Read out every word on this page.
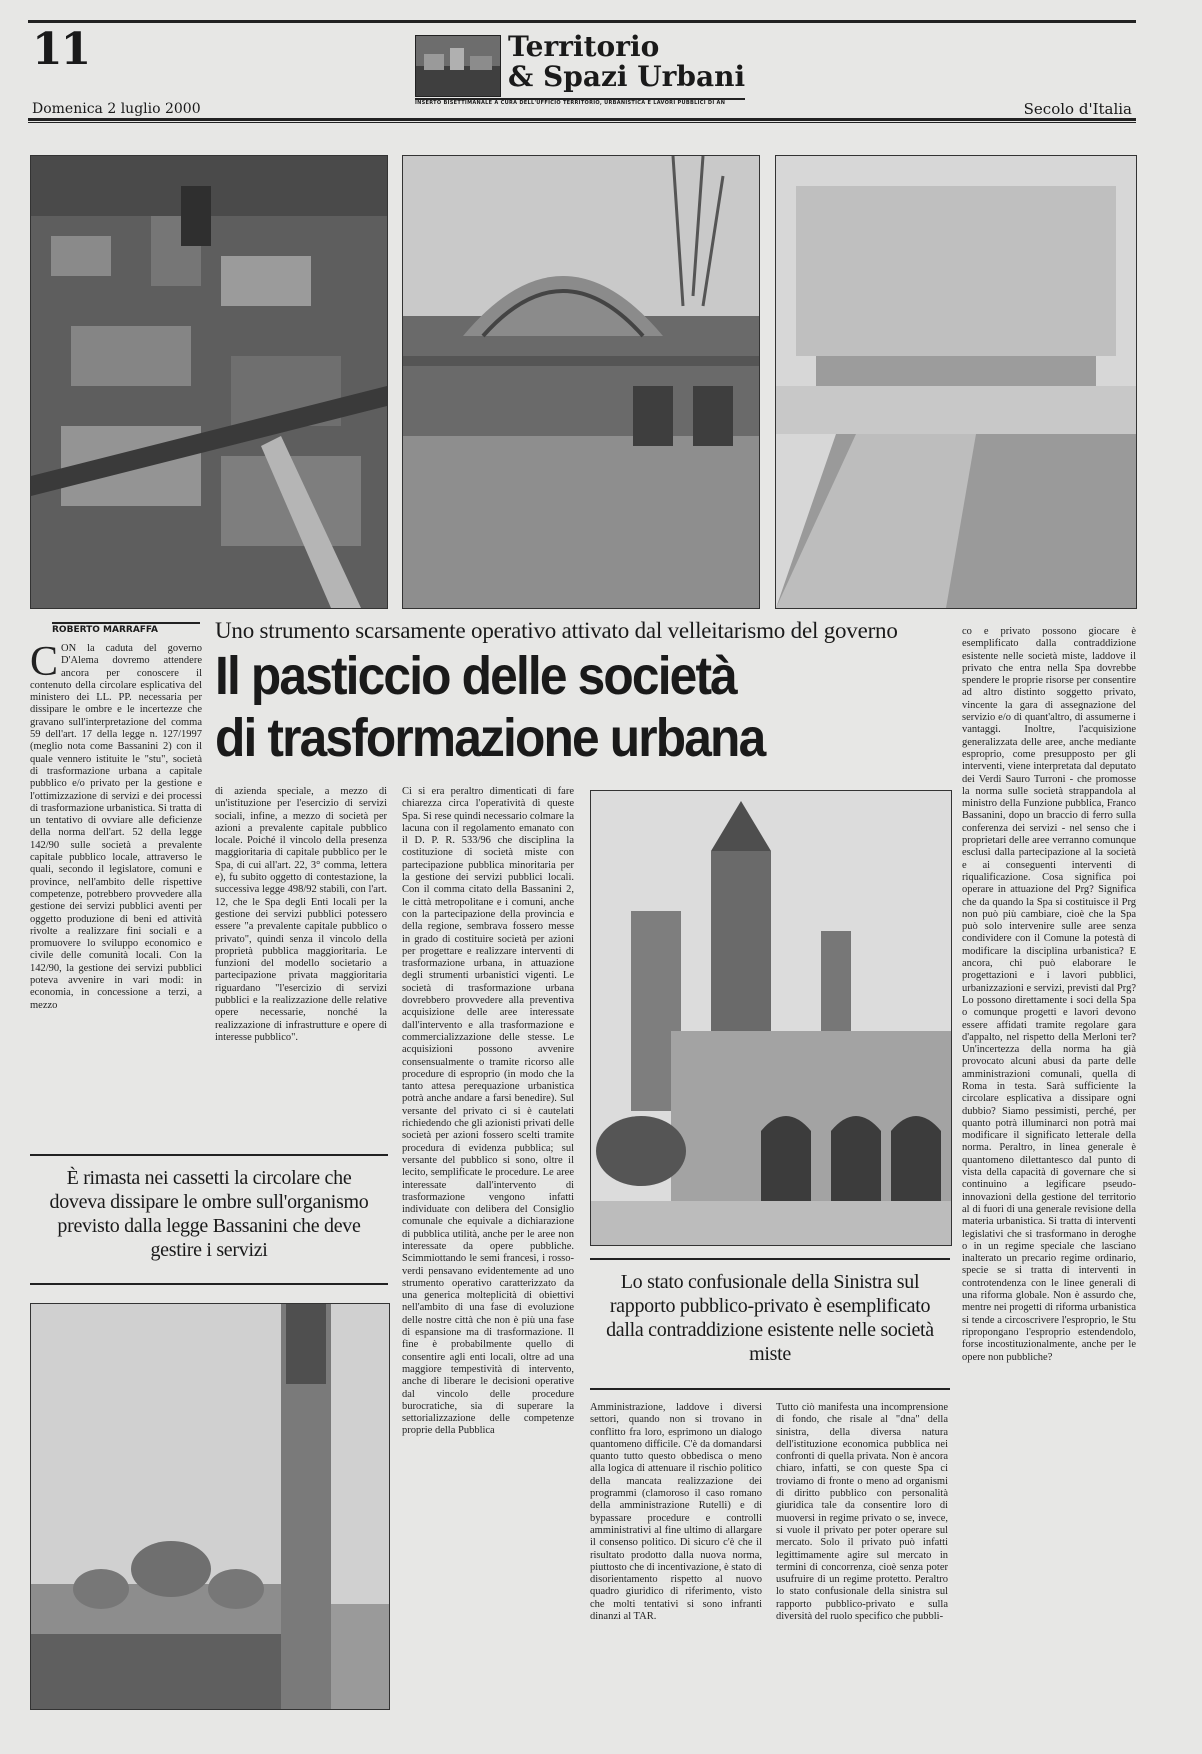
11	Territorio
& Spazi Urbani
INSERTO BISETTIMANALE A CURA DELL'UFFICIO TERRITORIO, URBANISTICA E LAVORI PUBBLICI DI AN
Domenica 2 luglio 2000	Secolo d'Italia
ROBERTO MARRAFFA Uno strumento scarsamente operativo attivato dal velleitarismo del governo
Il pasticcio delle società
di trasformazione urbana
CON la caduta del governo D'Alema dovremo attendere ancora per conoscere il contenuto della circolare esplicativa del ministero dei LL. PP. necessaria per dissipare le ombre e le incertezze che gravano sull'interpretazione del comma 59 dell'art. 17 della legge n. 127/1997 (meglio nota come Bassanini 2) con il quale vennero istituite le "stu", società di trasformazione urbana a capitale pubblico e/o privato per la gestione e l'ottimizzazione di servizi e dei processi di trasformazione urbanistica. Si tratta di un tentativo di ovviare alle deficienze della norma dell'art. 52 della legge 142/90 sulle società a prevalente capitale pubblico locale, attraverso le quali, secondo il legislatore, comuni e province, nell'ambito delle rispettive competenze, potrebbero provvedere alla gestione dei servizi pubblici aventi per oggetto produzione di beni ed attività rivolte a realizzare fini sociali e a promuovere lo sviluppo economico e civile delle comunità locali. Con la 142/90, la gestione dei servizi pubblici poteva avvenire in vari modi: in economia, in concessione a terzi, a mezzo
È rimasta nei cassetti la circolare che doveva dissipare le ombre sull'organismo previsto dalla legge Bassanini che deve gestire i servizi
di azienda speciale, a mezzo di un'istituzione per l'esercizio di servizi sociali, infine, a mezzo di società per azioni a prevalente capitale pubblico locale. Poiché il vincolo della presenza maggioritaria di capitale pubblico per le Spa, di cui all'art. 22, 3° comma, lettera e), fu subito oggetto di contestazione, la successiva legge 498/92 stabilì, con l'art. 12, che le Spa degli Enti locali per la gestione dei servizi pubblici potessero essere "a prevalente capitale pubblico o privato", quindi senza il vincolo della proprietà pubblica maggioritaria. Le funzioni del modello societario a partecipazione privata maggioritaria riguardano "l'esercizio di servizi pubblici e la realizzazione delle relative opere necessarie, nonché la realizzazione di infrastrutture e opere di interesse pubblico".
Ci si era peraltro dimenticati di fare chiarezza circa l'operatività di queste Spa. Si rese quindi necessario colmare la lacuna con il regolamento emanato con il D. P. R. 533/96 che disciplina la costituzione di società miste con partecipazione pubblica minoritaria per la gestione dei servizi pubblici locali. Con il comma citato della Bassanini 2, le città metropolitane e i comuni, anche con la partecipazione della provincia e della regione, sembrava fossero messe in grado di costituire società per azioni per progettare e realizzare interventi di trasformazione urbana, in attuazione degli strumenti urbanistici vigenti. Le società di trasformazione urbana dovrebbero provvedere alla preventiva acquisizione delle aree interessate dall'intervento e alla trasformazione e commercializzazione delle stesse. Le acquisizioni possono avvenire consensualmente o tramite ricorso alle procedure di esproprio (in modo che la tanto attesa perequazione urbanistica potrà anche andare a farsi benedire). Sul versante del privato ci si è cautelati richiedendo che gli azionisti privati delle società per azioni fossero scelti tramite procedura di evidenza pubblica; sul versante del pubblico si sono, oltre il lecito, semplificate le procedure. Le aree interessate dall'intervento di trasformazione vengono infatti individuate con delibera del Consiglio comunale che equivale a dichiarazione di pubblica utilità, anche per le aree non interessate da opere pubbliche. Scimmiottando le semi francesi, i rosso-verdi pensavano evidentemente ad uno strumento operativo caratterizzato da una generica molteplicità di obiettivi nell'ambito di una fase di evoluzione delle nostre città che non è più una fase di espansione ma di trasformazione. Il fine è probabilmente quello di consentire agli enti locali, oltre ad una maggiore tempestività di intervento, anche di liberare le decisioni operative dal vincolo delle procedure burocratiche, sia di superare la settorializzazione delle competenze proprie della Pubblica
Lo stato confusionale della Sinistra sul rapporto pubblico-privato è esemplificato dalla contraddizione esistente nelle società miste
Amministrazione, laddove i diversi settori, quando non si trovano in conflitto fra loro, esprimono un dialogo quantomeno difficile. C'è da domandarsi quanto tutto questo obbedisca o meno alla logica di attenuare il rischio politico della mancata realizzazione dei programmi (clamoroso il caso romano della amministrazione Rutelli) e di bypassare procedure e controlli amministrativi al fine ultimo di allargare il consenso politico. Di sicuro c'è che il risultato prodotto dalla nuova norma, piuttosto che di incentivazione, è stato di disorientamento rispetto al nuovo quadro giuridico di riferimento, visto che molti tentativi si sono infranti dinanzi al TAR.
Tutto ciò manifesta una incomprensione di fondo, che risale al "dna" della sinistra, della diversa natura dell'istituzione economica pubblica nei confronti di quella privata. Non è ancora chiaro, infatti, se con queste Spa ci troviamo di fronte o meno ad organismi di diritto pubblico con personalità giuridica tale da consentire loro di muoversi in regime privato o se, invece, si vuole il privato per poter operare sul mercato. Solo il privato può infatti legittimamente agire sul mercato in termini di concorrenza, cioè senza poter usufruire di un regime protetto. Peraltro lo stato confusionale della sinistra sul rapporto pubblico-privato e sulla diversità del ruolo specifico che pubbli-
co e privato possono giocare è esemplificato dalla contraddizione esistente nelle società miste, laddove il privato che entra nella Spa dovrebbe spendere le proprie risorse per consentire ad altro distinto soggetto privato, vincente la gara di assegnazione del servizio e/o di quant'altro, di assumerne i vantaggi. Inoltre, l'acquisizione generalizzata delle aree, anche mediante esproprio, come presupposto per gli interventi, viene interpretata dal deputato dei Verdi Sauro Turroni - che promosse la norma sulle società strappandola al ministro della Funzione pubblica, Franco Bassanini, dopo un braccio di ferro sulla conferenza dei servizi - nel senso che i proprietari delle aree verranno comunque esclusi dalla partecipazione al la società e ai conseguenti interventi di riqualificazione. Cosa significa poi operare in attuazione del Prg? Significa che da quando la Spa si costituisce il Prg non può più cambiare, cioè che la Spa può solo intervenire sulle aree senza condividere con il Comune la potestà di modificare la disciplina urbanistica? E ancora, chi può elaborare le progettazioni e i lavori pubblici, urbanizzazioni e servizi, previsti dal Prg? Lo possono direttamente i soci della Spa o comunque progetti e lavori devono essere affidati tramite regolare gara d'appalto, nel rispetto della Merloni ter? Un'incertezza della norma ha già provocato alcuni abusi da parte delle amministrazioni comunali, quella di Roma in testa. Sarà sufficiente la circolare esplicativa a dissipare ogni dubbio? Siamo pessimisti, perché, per quanto potrà illuminarci non potrà mai modificare il significato letterale della norma. Peraltro, in linea generale è quantomeno dilettantesco dal punto di vista della capacità di governare che si continuino a legificare pseudo-innovazioni della gestione del territorio al di fuori di una generale revisione della materia urbanistica. Si tratta di interventi legislativi che si trasformano in deroghe o in un regime speciale che lasciano inalterato un precario regime ordinario, specie se si tratta di interventi in controtendenza con le linee generali di una riforma globale. Non è assurdo che, mentre nei progetti di riforma urbanistica si tende a circoscrivere l'esproprio, le Stu ripropongano l'esproprio estendendolo, forse incostituzionalmente, anche per le opere non pubbliche?
